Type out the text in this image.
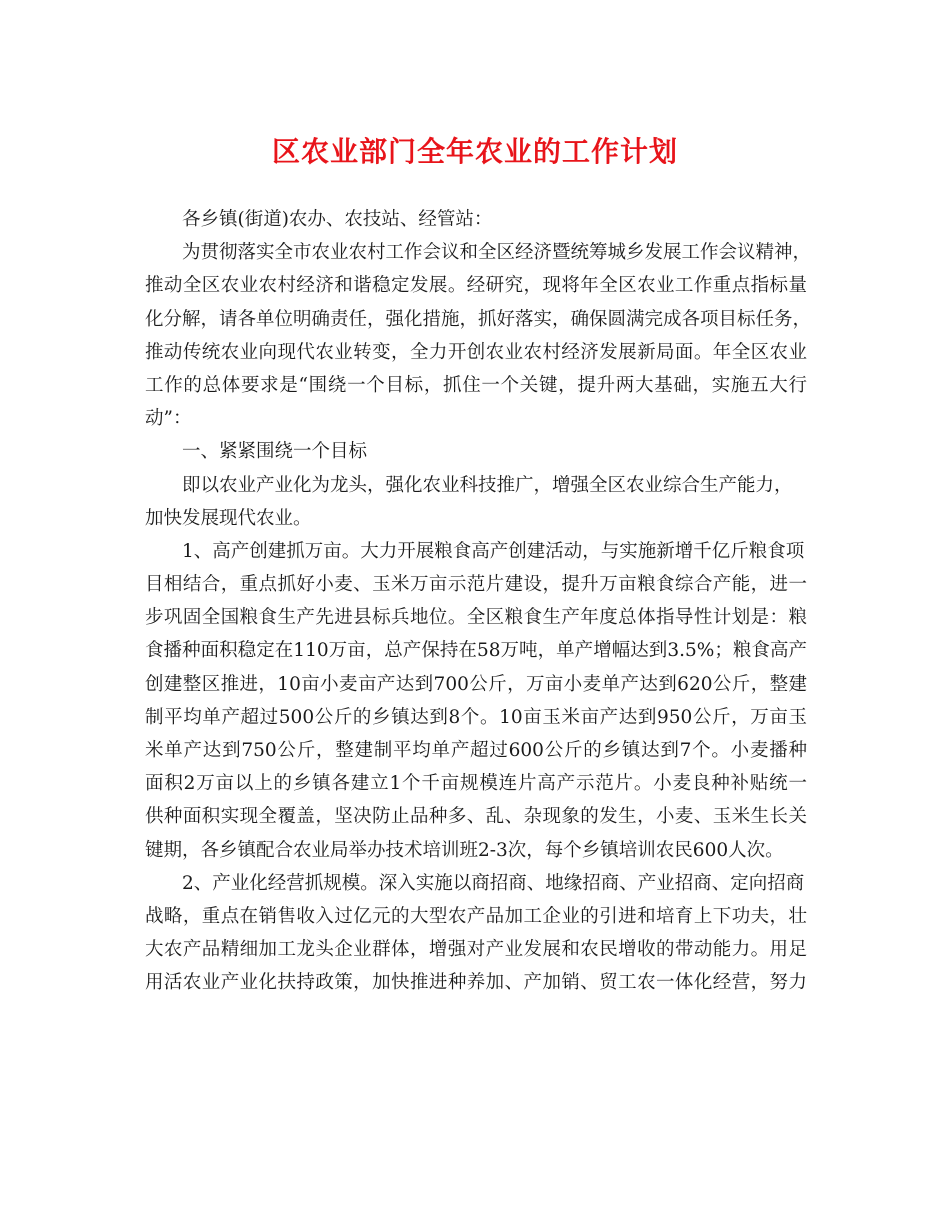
区农业部门全年农业的工作计划
各乡镇(街道)农办、农技站、经管站：
为贯彻落实全市农业农村工作会议和全区经济暨统筹城乡发展工作会议精神，
推动全区农业农村经济和谐稳定发展。经研究，现将年全区农业工作重点指标量
化分解，请各单位明确责任，强化措施，抓好落实，确保圆满完成各项目标任务，
推动传统农业向现代农业转变，全力开创农业农村经济发展新局面。年全区农业
工作的总体要求是“围绕一个目标，抓住一个关键，提升两大基础，实施五大行
动”：
一、紧紧围绕一个目标
即以农业产业化为龙头，强化农业科技推广，增强全区农业综合生产能力，
加快发展现代农业。
1、高产创建抓万亩。大力开展粮食高产创建活动，与实施新增千亿斤粮食项
目相结合，重点抓好小麦、玉米万亩示范片建设，提升万亩粮食综合产能，进一
步巩固全国粮食生产先进县标兵地位。全区粮食生产年度总体指导性计划是：粮
食播种面积稳定在110万亩，总产保持在58万吨，单产增幅达到3.5%；粮食高产
创建整区推进，10亩小麦亩产达到700公斤，万亩小麦单产达到620公斤，整建
制平均单产超过500公斤的乡镇达到8个。10亩玉米亩产达到950公斤，万亩玉
米单产达到750公斤，整建制平均单产超过600公斤的乡镇达到7个。小麦播种
面积2万亩以上的乡镇各建立1个千亩规模连片高产示范片。小麦良种补贴统一
供种面积实现全覆盖，坚决防止品种多、乱、杂现象的发生，小麦、玉米生长关
键期，各乡镇配合农业局举办技术培训班2-3次，每个乡镇培训农民600人次。
2、产业化经营抓规模。深入实施以商招商、地缘招商、产业招商、定向招商
战略，重点在销售收入过亿元的大型农产品加工企业的引进和培育上下功夫，壮
大农产品精细加工龙头企业群体，增强对产业发展和农民增收的带动能力。用足
用活农业产业化扶持政策，加快推进种养加、产加销、贸工农一体化经营，努力
